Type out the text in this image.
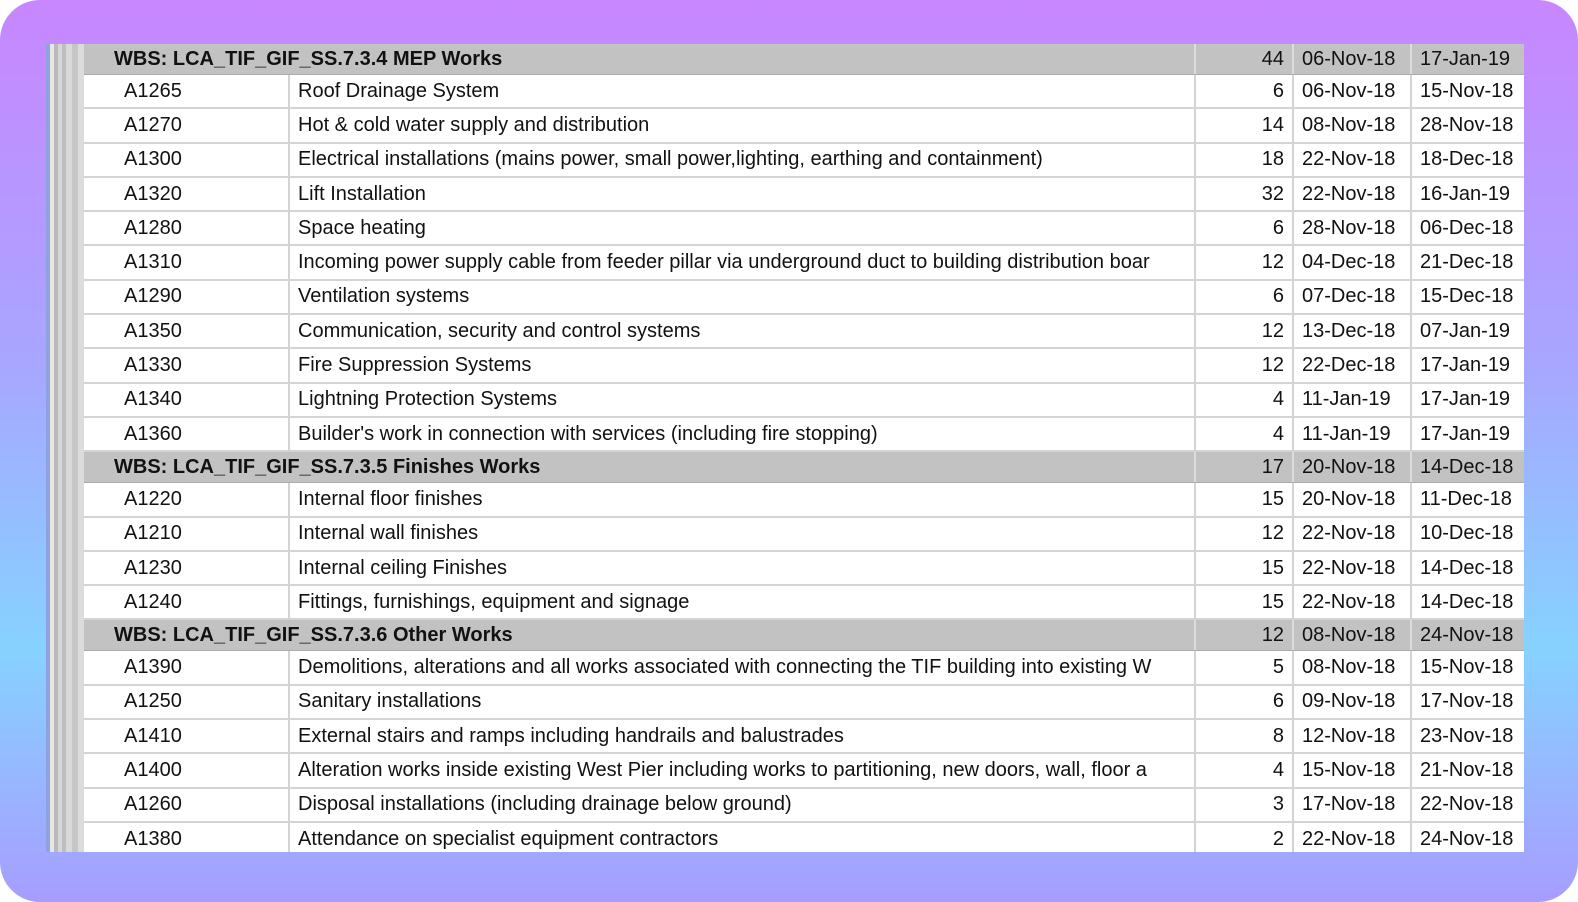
WBS: LCA_TIF_GIF_SS.7.3.4 MEP Works	44 06-Nov-18	17-Jan-19
A1265	Roof Drainage System	6 06-Nov-18	15-Nov-18
A1270	Hot & cold water supply and distribution	14 08-Nov-18	28-Nov-18
A1300	Electrical installations (mains power, small power,lighting, earthing and containment)	18 22-Nov-18	18-Dec-18
A1320	Lift Installation	32 22-Nov-18	16-Jan-19
A1280	Space heating	6 28-Nov-18	06-Dec-18
A1310	Incoming power supply cable from feeder pillar via underground duct to building distribution boar	12 04-Dec-18	21-Dec-18
A1290	Ventilation systems	6 07-Dec-18	15-Dec-18
A1350	Communication, security and control systems	12 13-Dec-18	07-Jan-19
A1330	Fire Suppression Systems	12 22-Dec-18	17-Jan-19
A1340	Lightning Protection Systems	4 11-Jan-19	17-Jan-19
A1360	Builder's work in connection with services (including fire stopping)	4 11-Jan-19	17-Jan-19
WBS: LCA_TIF_GIF_SS.7.3.5 Finishes Works	17 20-Nov-18	14-Dec-18
A1220	Internal floor finishes	15 20-Nov-18	11-Dec-18
A1210	Internal wall finishes	12 22-Nov-18	10-Dec-18
A1230	Internal ceiling Finishes	15 22-Nov-18	14-Dec-18
A1240	Fittings, furnishings, equipment and signage	15 22-Nov-18	14-Dec-18
WBS: LCA_TIF_GIF_SS.7.3.6 Other Works	12 08-Nov-18	24-Nov-18
A1390	Demolitions, alterations and all works associated with connecting the TIF building into existing W	5 08-Nov-18	15-Nov-18
A1250	Sanitary installations	6 09-Nov-18	17-Nov-18
A1410	External stairs and ramps including handrails and balustrades	8 12-Nov-18	23-Nov-18
A1400	Alteration works inside existing West Pier including works to partitioning, new doors, wall, floor a	4 15-Nov-18	21-Nov-18
A1260	Disposal installations (including drainage below ground)	3 17-Nov-18	22-Nov-18
A1380	Attendance on specialist equipment contractors	2 22-Nov-18	24-Nov-18
